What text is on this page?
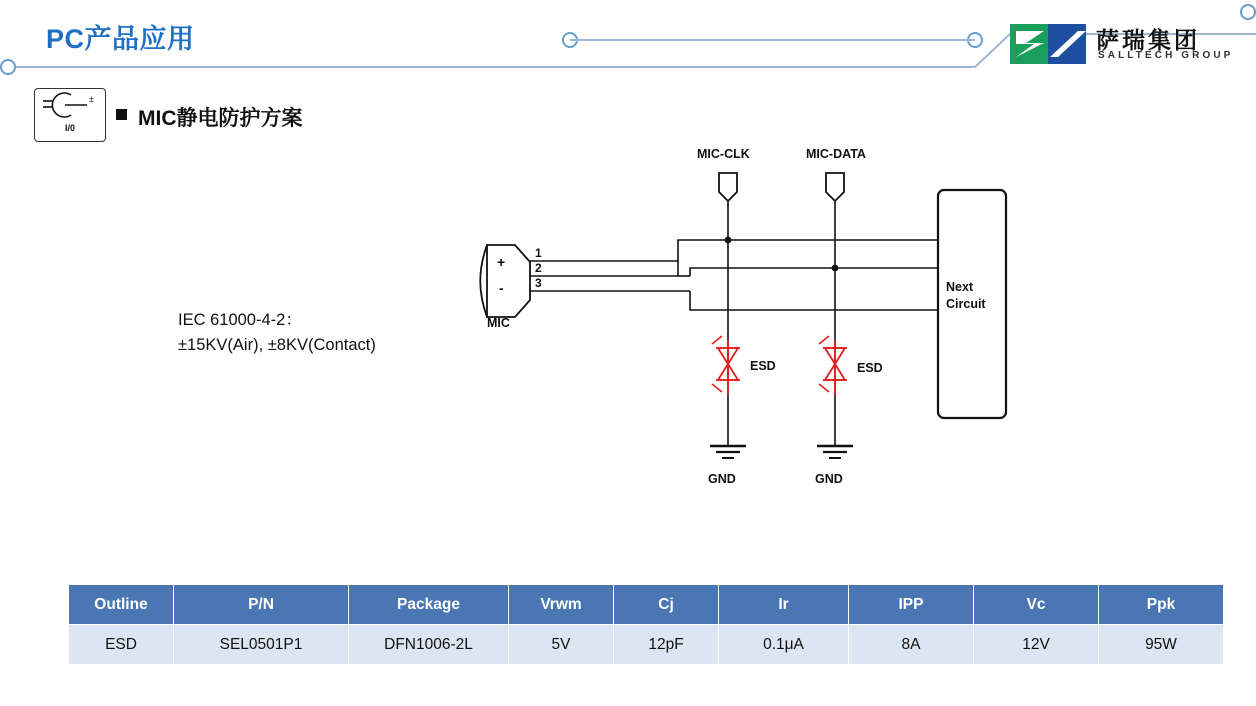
PC产品应用	萨瑞集团
SALLTECH GROUP
±
I/0	MIC静电防护方案
IEC 61000-4-2：
±15KV(Air), ±8KV(Contact)
MIC-CLK	MIC-DATA
MIC
+
-
1
2
3
ESD	ESD
GND	GND
Next
Circuit
Outline	P/N	Package	Vrwm	Cj	Ir	IPP	Vc	Ppk
ESD	SEL0501P1	DFN1006-2L	5V	12pF	0.1μA	8A	12V	95W
